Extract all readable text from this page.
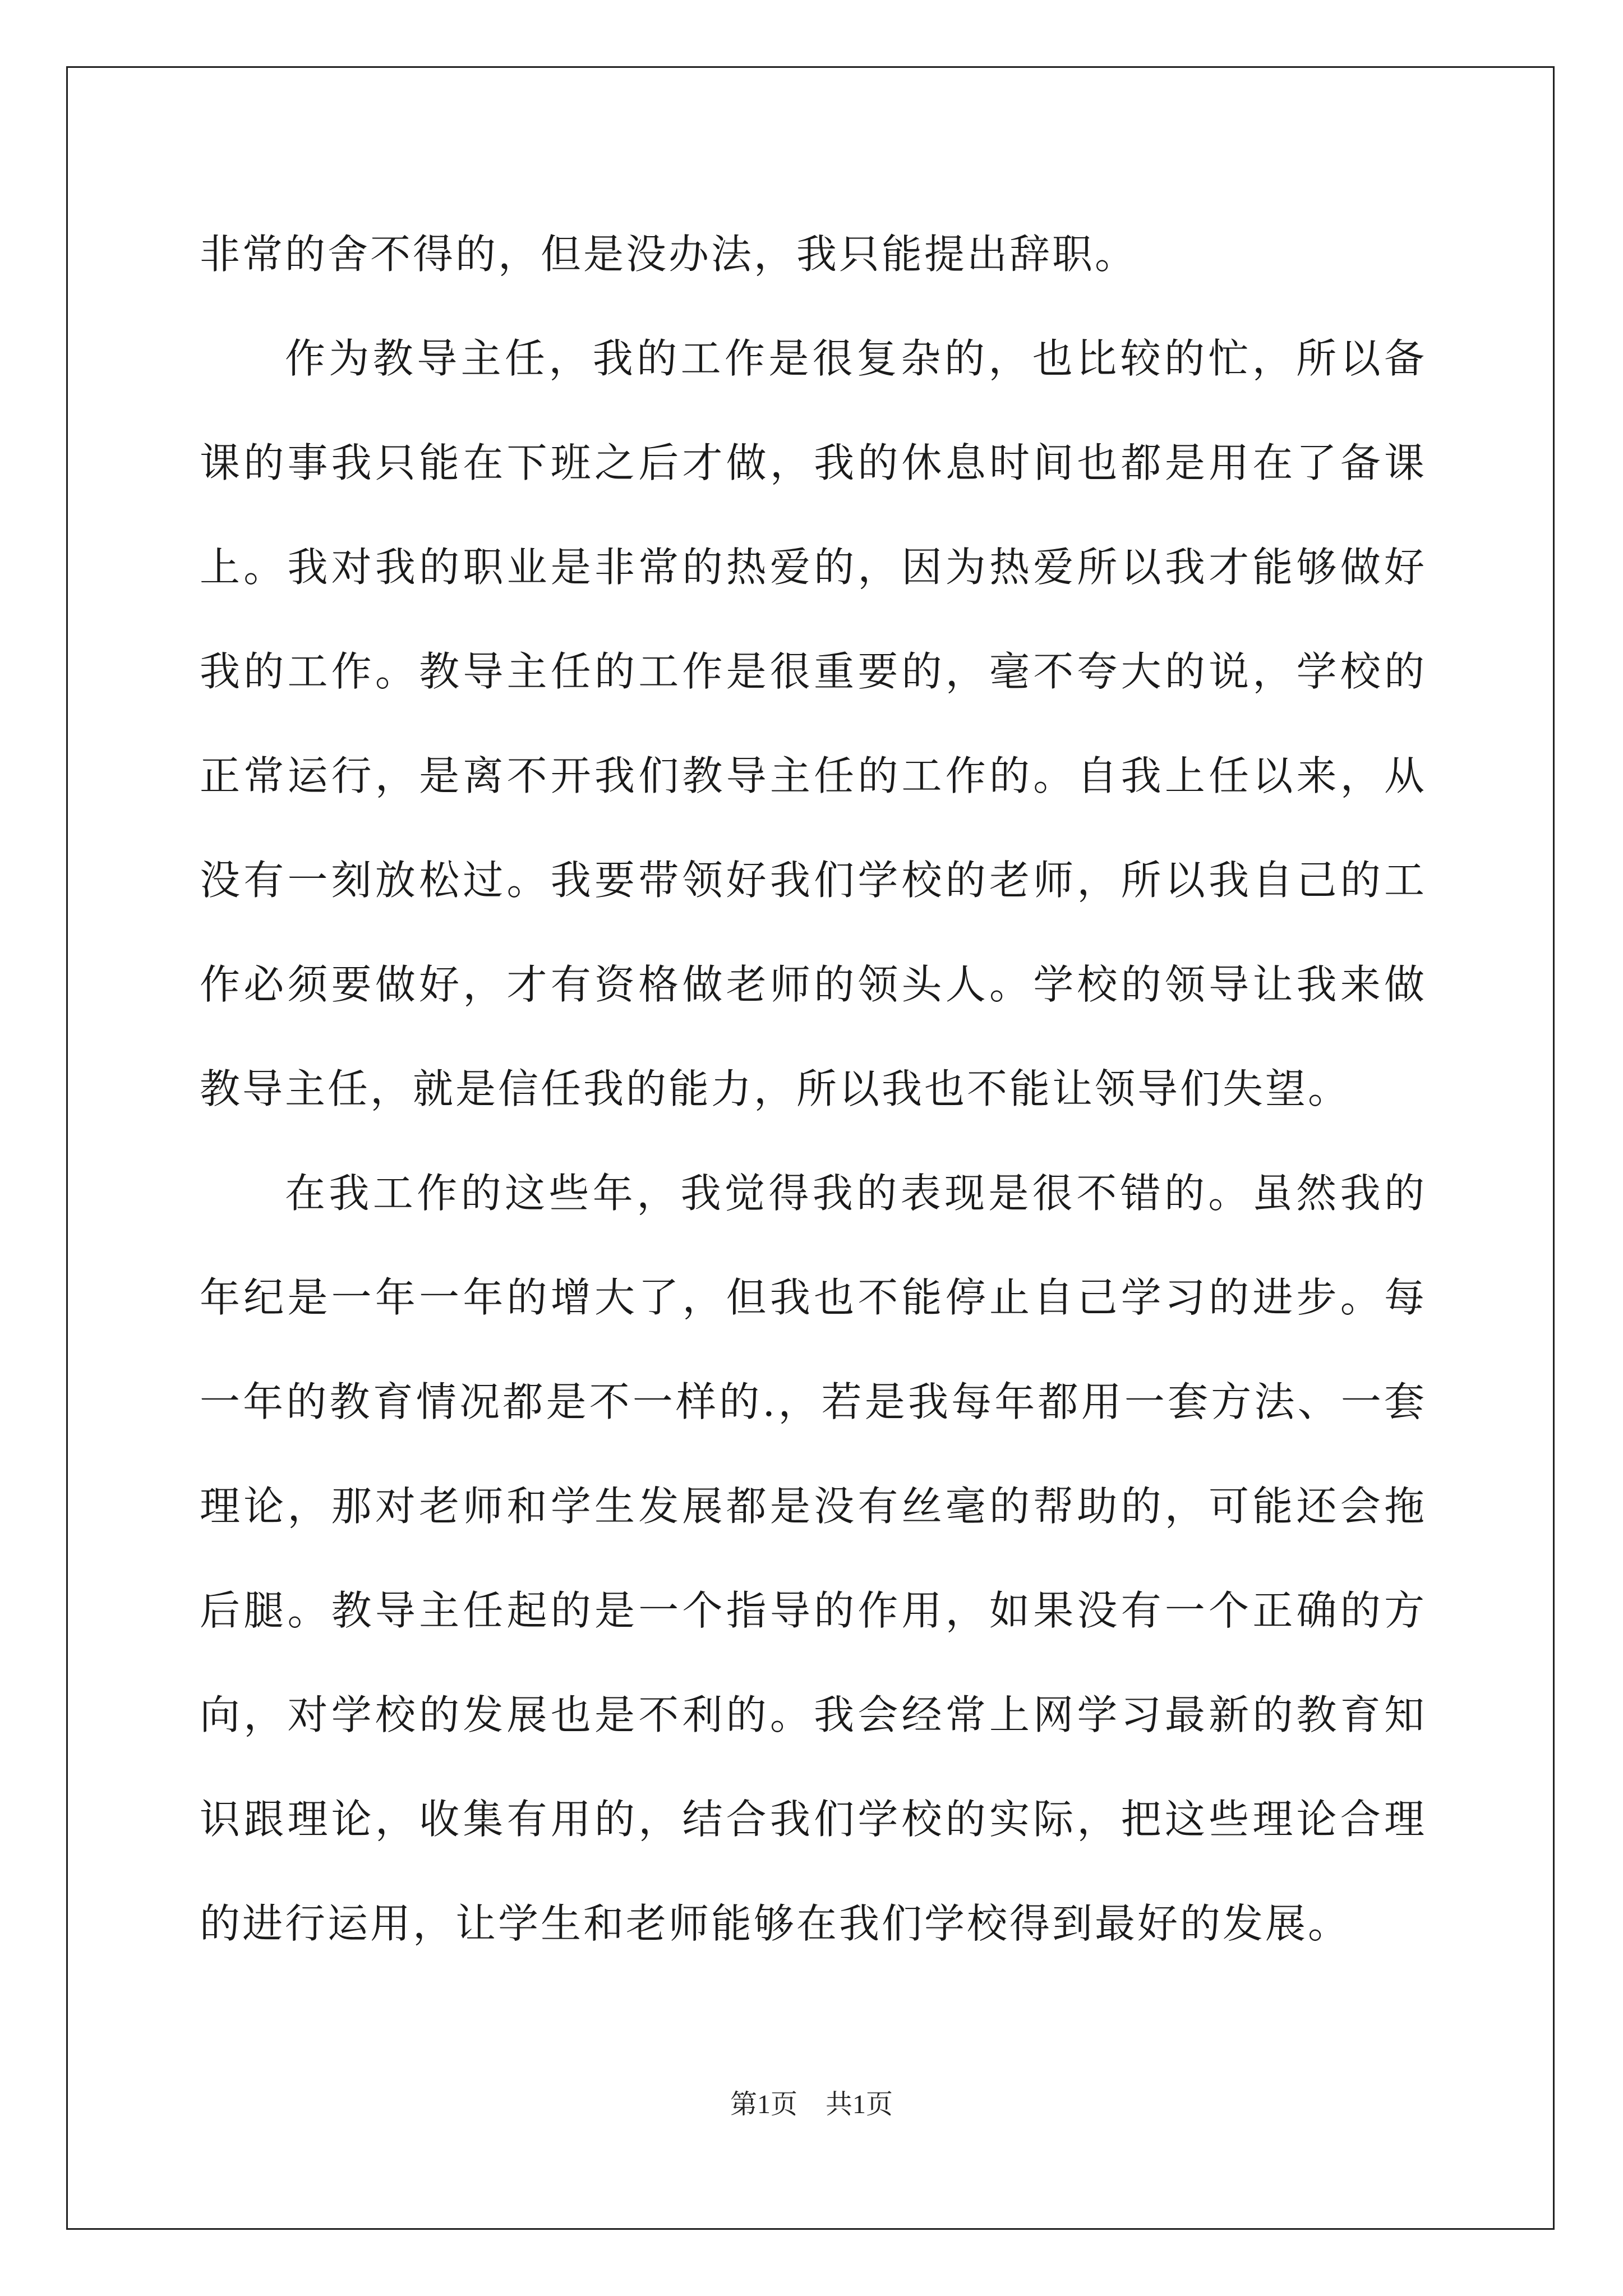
非常的舍不得的，但是没办法，我只能提出辞职。

作为教导主任，我的工作是很复杂的，也比较的忙，所以备课的事我只能在下班之后才做，我的休息时间也都是用在了备课上。我对我的职业是非常的热爱的，因为热爱所以我才能够做好我的工作。教导主任的工作是很重要的，毫不夸大的说，学校的正常运行，是离不开我们教导主任的工作的。自我上任以来，从没有一刻放松过。我要带领好我们学校的老师，所以我自己的工作必须要做好，才有资格做老师的领头人。学校的领导让我来做教导主任，就是信任我的能力，所以我也不能让领导们失望。

在我工作的这些年，我觉得我的表现是很不错的。虽然我的年纪是一年一年的增大了，但我也不能停止自己学习的进步。每一年的教育情况都是不一样的.，若是我每年都用一套方法、一套理论，那对老师和学生发展都是没有丝毫的帮助的，可能还会拖后腿。教导主任起的是一个指导的作用，如果没有一个正确的方向，对学校的发展也是不利的。我会经常上网学习最新的教育知识跟理论，收集有用的，结合我们学校的实际，把这些理论合理的进行运用，让学生和老师能够在我们学校得到最好的发展。

第1页 共1页
